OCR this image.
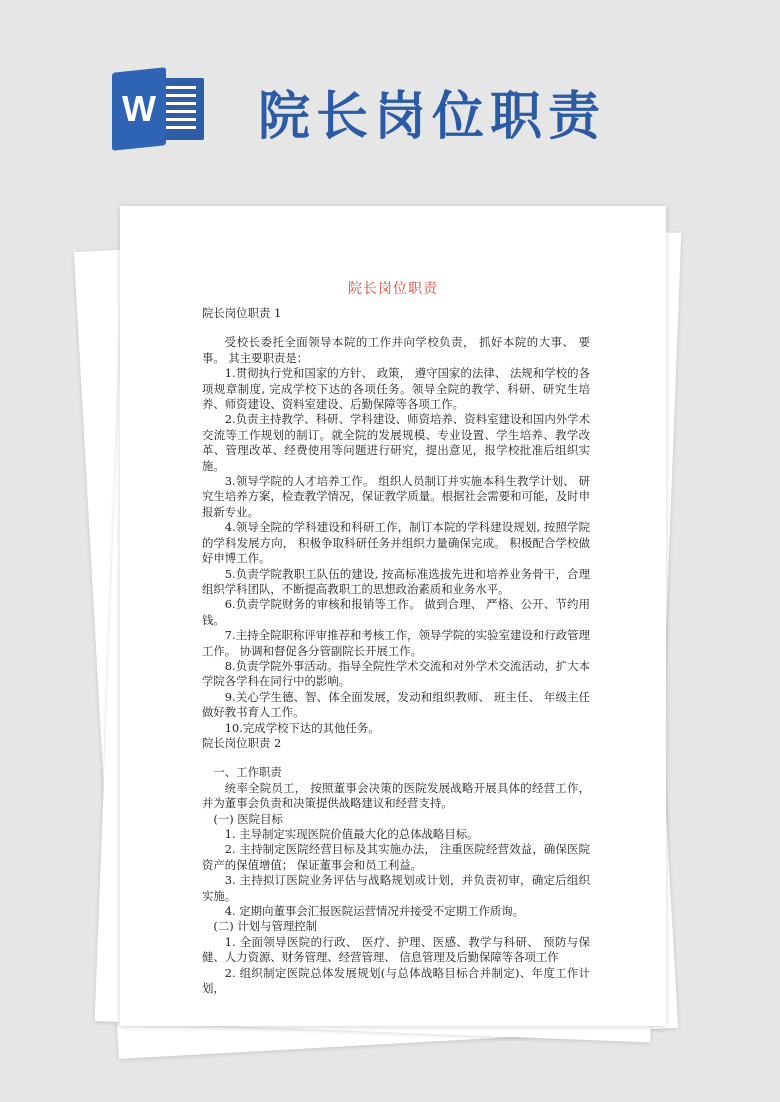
W 院长岗位职责
院长岗位职责

院长岗位职责 1

受校长委托全面领导本院的工作并向学校负责， 抓好本院的大事、 要事。 其主要职责是：

1.贯彻执行党和国家的方针、 政策， 遵守国家的法律、 法规和学校的各项规章制度, 完成学校下达的各项任务。领导全院的教学、科研、研究生培养、师资建设、资料室建设、后勤保障等各项工作。

2.负责主持教学、科研、学科建设、师资培养、资料室建设和国内外学术交流等工作规划的制订。就全院的发展规模、专业设置、学生培养、教学改革、管理改革、经费使用等问题进行研究，提出意见，报学校批准后组织实施。

3.领导学院的人才培养工作。 组织人员制订并实施本科生教学计划、 研究生培养方案，检查教学情况，保证教学质量。根据社会需要和可能，及时申报新专业。

4.领导全院的学科建设和科研工作，制订本院的学科建设规划, 按照学院的学科发展方向， 积极争取科研任务并组织力量确保完成。 积极配合学校做好申博工作。

5.负责学院教职工队伍的建设, 按高标准选拔先进和培养业务骨干，合理组织学科团队，不断提高教职工的思想政治素质和业务水平。

6.负责学院财务的审核和报销等工作。 做到合理、 严格、公开、节约用钱。

7.主持全院职称评审推荐和考核工作，领导学院的实验室建设和行政管理工作。 协调和督促各分管副院长开展工作。

8.负责学院外事活动。指导全院性学术交流和对外学术交流活动，扩大本学院各学科在同行中的影响。

9.关心学生德、智、体全面发展，发动和组织教师、 班主任、 年级主任做好教书育人工作。

10.完成学校下达的其他任务。

院长岗位职责 2

一、工作职责

统率全院员工， 按照董事会决策的医院发展战略开展具体的经营工作， 并为董事会负责和决策提供战略建议和经营支持。

(一) 医院目标

1. 主导制定实现医院价值最大化的总体战略目标。

2. 主持制定医院经营目标及其实施办法， 注重医院经营效益，确保医院资产的保值增值； 保证董事会和员工利益。

3. 主持拟订医院业务评估与战略规划或计划，并负责初审，确定后组织实施。

4. 定期向董事会汇报医院运营情况并接受不定期工作质询。

(二) 计划与管理控制

1. 全面领导医院的行政、 医疗、护理、医感、教学与科研、 预防与保健、人力资源、财务管理、经营管理、 信息管理及后勤保障等各项工作

2. 组织制定医院总体发展规划(与总体战略目标合并制定)、年度工作计划，
